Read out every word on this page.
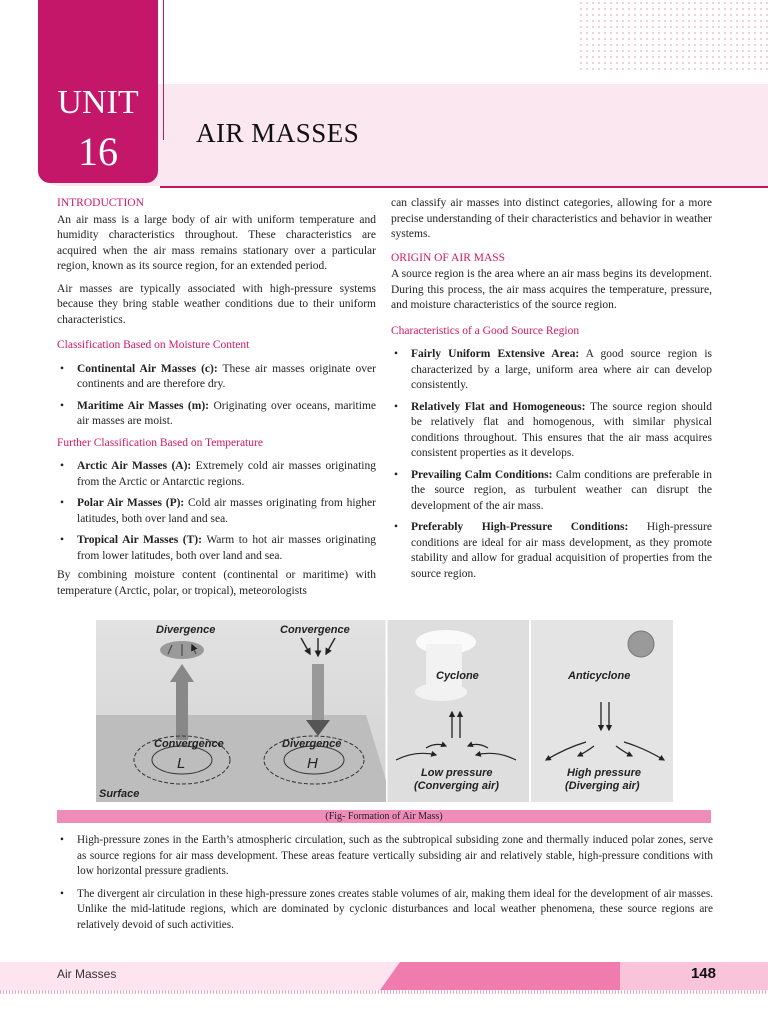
UNIT
16	AIR MASSES
INTRODUCTION

An air mass is a large body of air with uniform temperature and humidity characteristics throughout. These characteristics are acquired when the air mass remains stationary over a particular region, known as its source region, for an extended period.

Air masses are typically associated with high-pressure systems because they bring stable weather conditions due to their uniform characteristics.

Classification Based on Moisture Content
• Continental Air Masses (c): These air masses originate over continents and are therefore dry.
• Maritime Air Masses (m): Originating over oceans, maritime air masses are moist.
Further Classification Based on Temperature
• Arctic Air Masses (A): Extremely cold air masses originating from the Arctic or Antarctic regions.
• Polar Air Masses (P): Cold air masses originating from higher latitudes, both over land and sea.
• Tropical Air Masses (T): Warm to hot air masses originating from lower latitudes, both over land and sea.

By combining moisture content (continental or maritime) with temperature (Arctic, polar, or tropical), meteorologists

can classify air masses into distinct categories, allowing for a more precise understanding of their characteristics and behavior in weather systems.

ORIGIN OF AIR MASS

A source region is the area where an air mass begins its development. During this process, the air mass acquires the temperature, pressure, and moisture characteristics of the source region.

Characteristics of a Good Source Region
• Fairly Uniform Extensive Area: A good source region is characterized by a large, uniform area where air can develop consistently.
• Relatively Flat and Homogeneous: The source region should be relatively flat and homogenous, with similar physical conditions throughout. This ensures that the air mass acquires consistent properties as it develops.
• Prevailing Calm Conditions: Calm conditions are preferable in the source region, as turbulent weather can disrupt the development of the air mass.
• Preferably High-Pressure Conditions: High-pressure conditions are ideal for air mass development, as they promote stability and allow for gradual acquisition of properties from the source region.
Divergence	Convergence
Convergence	Divergence
L	H
Surface
Cyclone
Low pressure
(Converging air)
Anticyclone
High pressure
(Diverging air)
(Fig- Formation of Air Mass)
• High-pressure zones in the Earth’s atmospheric circulation, such as the subtropical subsiding zone and thermally induced polar zones, serve as source regions for air mass development. These areas feature vertically subsiding air and relatively stable, high-pressure conditions with low horizontal pressure gradients.
• The divergent air circulation in these high-pressure zones creates stable volumes of air, making them ideal for the development of air masses. Unlike the mid-latitude regions, which are dominated by cyclonic disturbances and local weather phenomena, these source regions are relatively devoid of such activities.
Air Masses	148
